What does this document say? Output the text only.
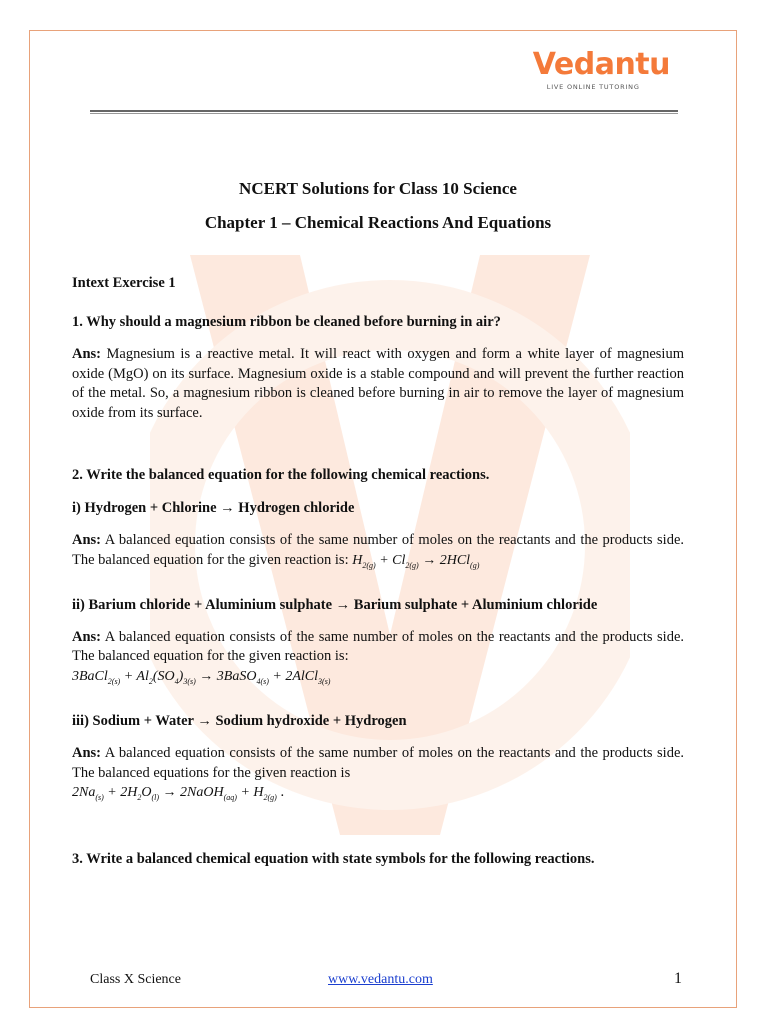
Vedantu
LIVE ONLINE TUTORING
NCERT Solutions for Class 10 Science
Chapter 1 – Chemical Reactions And Equations
Intext Exercise 1
1. Why should a magnesium ribbon be cleaned before burning in air?
Ans: Magnesium is a reactive metal. It will react with oxygen and form a white layer of magnesium oxide (MgO) on its surface. Magnesium oxide is a stable compound and will prevent the further reaction of the metal. So, a magnesium ribbon is cleaned before burning in air to remove the layer of magnesium oxide from its surface.
2. Write the balanced equation for the following chemical reactions.
i) Hydrogen + Chlorine → Hydrogen chloride
Ans: A balanced equation consists of the same number of moles on the reactants and the products side. The balanced equation for the given reaction is: $H_{2(g)} + Cl_{2(g)} \to 2HCl_{(g)}$
ii) Barium chloride + Aluminium sulphate → Barium sulphate + Aluminium chloride
Ans: A balanced equation consists of the same number of moles on the reactants and the products side. The balanced equation for the given reaction is:
3BaCl$_{2(s)}$ + $Al_2(SO_4)_{3(s)}$ → 3BaSO$_{4(s)}$ + 2AlCl$_{3(s)}$
iii) Sodium + Water → Sodium hydroxide + Hydrogen
Ans: A balanced equation consists of the same number of moles on the reactants and the products side. The balanced equations for the given reaction is
$2Na_{(s)} + 2H_2O_{(l)}$ → 2NaOH$_{(aq)}$ + $H_{2(g)}$ .
3. Write a balanced chemical equation with state symbols for the following reactions.
Class X Science	www.vedantu.com	1
